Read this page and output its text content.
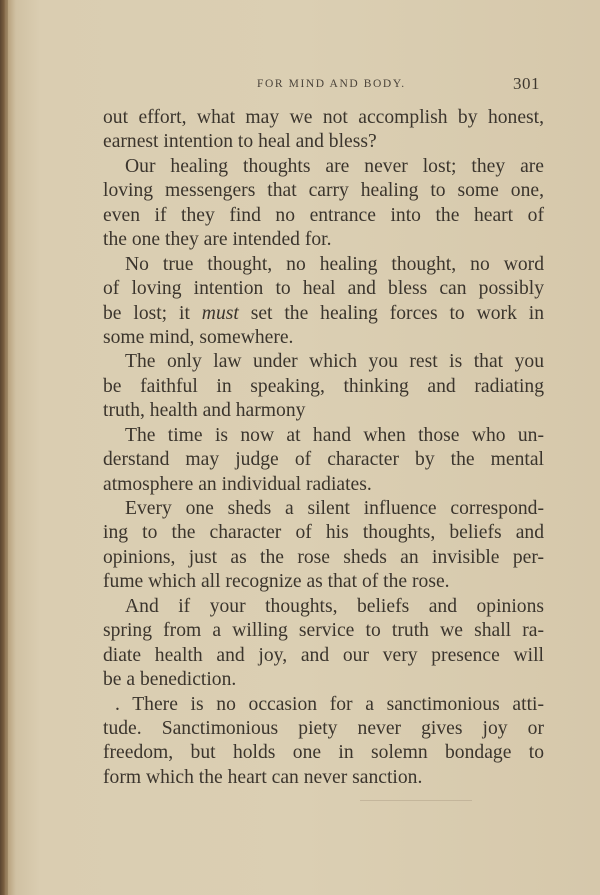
FOR MIND AND BODY.	301
out effort, what may we not accomplish by honest,
earnest intention to heal and bless?
Our healing thoughts are never lost; they are
loving messengers that carry healing to some one,
even if they find no entrance into the heart of
the one they are intended for.
No true thought, no healing thought, no word
of loving intention to heal and bless can possibly
be lost; it must set the healing forces to work in
some mind, somewhere.
The only law under which you rest is that you
be faithful in speaking, thinking and radiating
truth, health and harmony
The time is now at hand when those who un-
derstand may judge of character by the mental
atmosphere an individual radiates.
Every one sheds a silent influence correspond-
ing to the character of his thoughts, beliefs and
opinions, just as the rose sheds an invisible per-
fume which all recognize as that of the rose.
And if your thoughts, beliefs and opinions
spring from a willing service to truth we shall ra-
diate health and joy, and our very presence will
be a benediction.
. There is no occasion for a sanctimonious atti-
tude. Sanctimonious piety never gives joy or
freedom, but holds one in solemn bondage to
form which the heart can never sanction.
